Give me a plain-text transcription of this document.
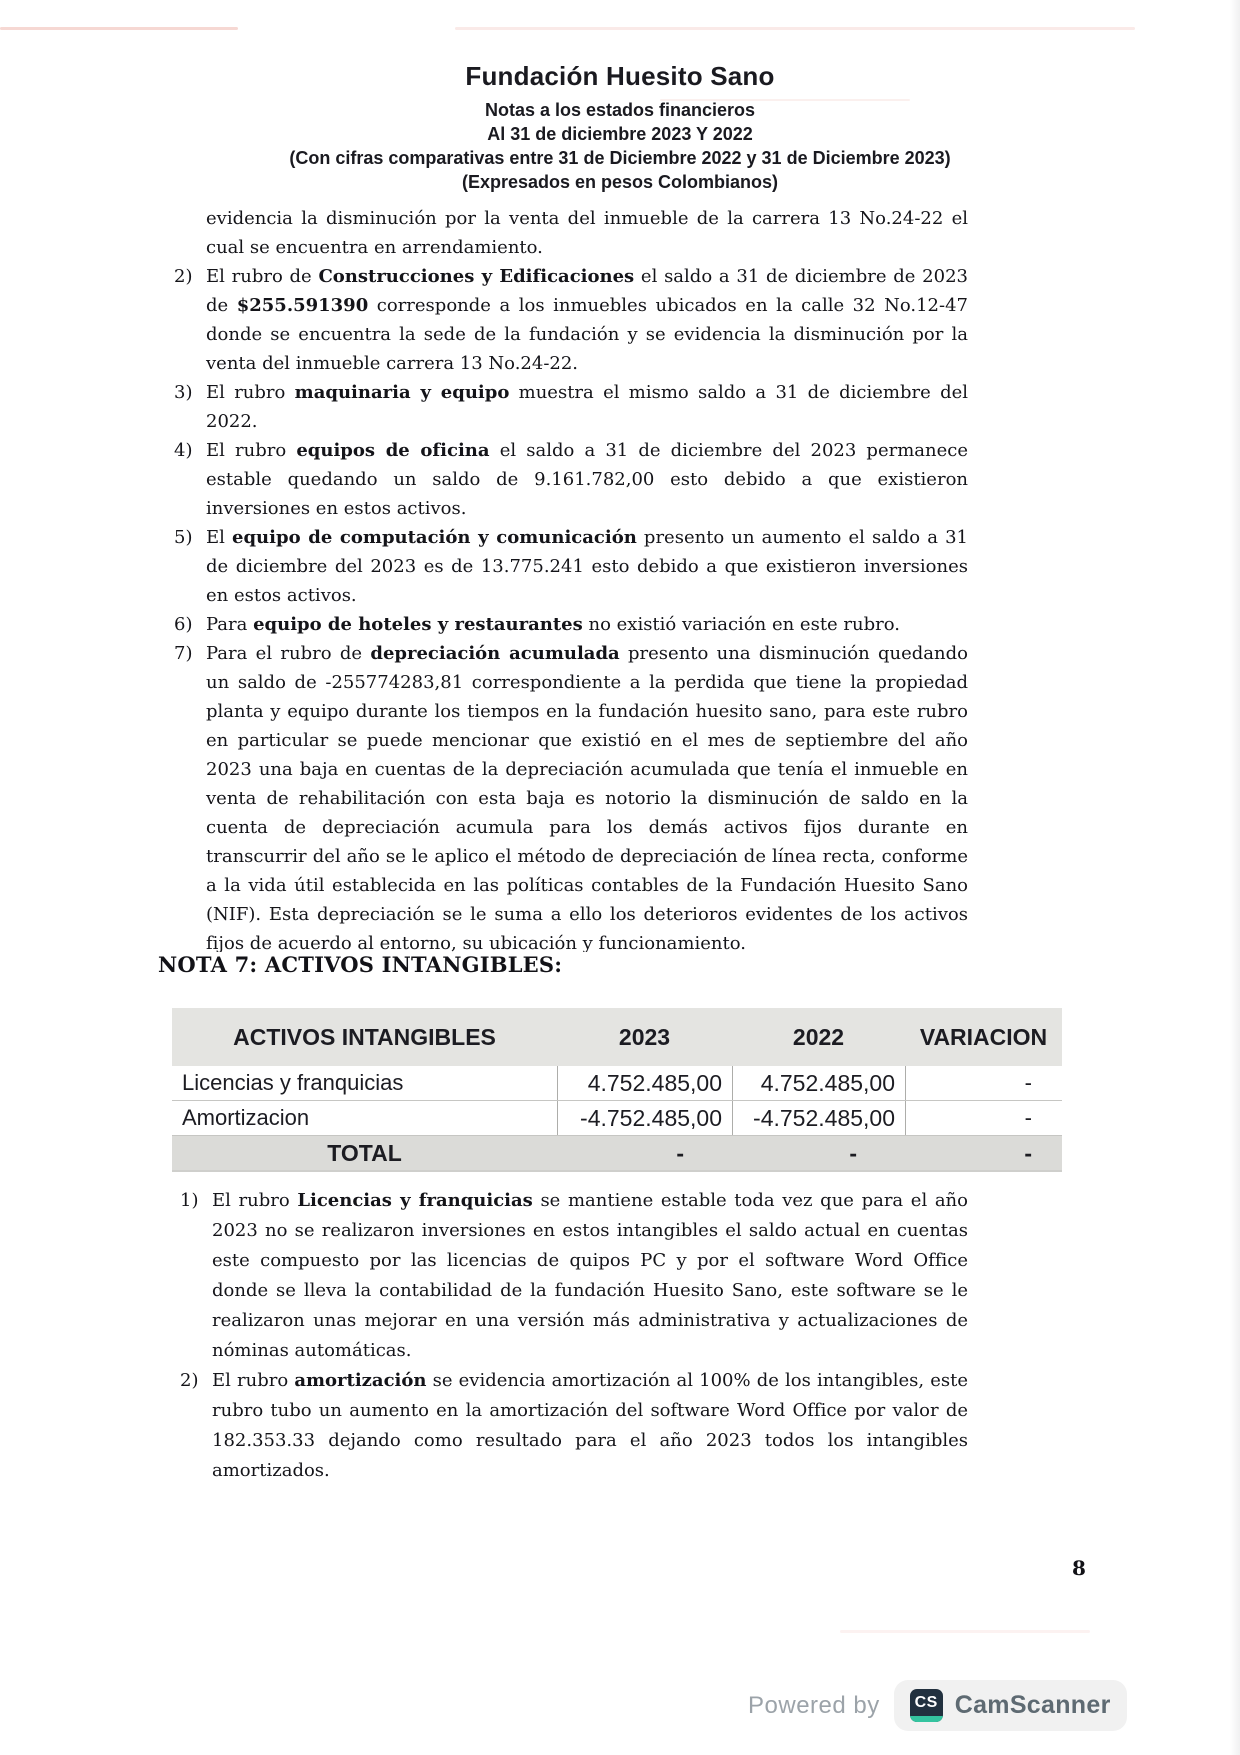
Fundación Huesito Sano
Notas a los estados financieros
Al 31 de diciembre 2023 Y 2022
(Con cifras comparativas entre 31 de Diciembre 2022 y 31 de Diciembre 2023)
(Expresados en pesos Colombianos)

evidencia la disminución por la venta del inmueble de la carrera 13 No.24-22 el cual se encuentra en arrendamiento.

2) El rubro de Construcciones y Edificaciones el saldo a 31 de diciembre de 2023 de $255.591390 corresponde a los inmuebles ubicados en la calle 32 No.12-47 donde se encuentra la sede de la fundación y se evidencia la disminución por la venta del inmueble carrera 13 No.24-22.
3) El rubro maquinaria y equipo muestra el mismo saldo a 31 de diciembre del 2022.
4) El rubro equipos de oficina el saldo a 31 de diciembre del 2023 permanece estable quedando un saldo de 9.161.782,00 esto debido a que existieron inversiones en estos activos.
5) El equipo de computación y comunicación presento un aumento el saldo a 31 de diciembre del 2023 es de 13.775.241 esto debido a que existieron inversiones en estos activos.
6) Para equipo de hoteles y restaurantes no existió variación en este rubro.
7) Para el rubro de depreciación acumulada presento una disminución quedando un saldo de -255774283,81 correspondiente a la perdida que tiene la propiedad planta y equipo durante los tiempos en la fundación huesito sano, para este rubro en particular se puede mencionar que existió en el mes de septiembre del año 2023 una baja en cuentas de la depreciación acumulada que tenía el inmueble en venta de rehabilitación con esta baja es notorio la disminución de saldo en la cuenta de depreciación acumula para los demás activos fijos durante en transcurrir del año se le aplico el método de depreciación de línea recta, conforme a la vida útil establecida en las políticas contables de la Fundación Huesito Sano (NIF). Esta depreciación se le suma a ello los deterioros evidentes de los activos fijos de acuerdo al entorno, su ubicación y funcionamiento.
NOTA 7: ACTIVOS INTANGIBLES:
ACTIVOS INTANGIBLES	2023	2022	VARIACION
Licencias y franquicias	4.752.485,00	4.752.485,00	-
Amortizacion	-4.752.485,00	-4.752.485,00	-
TOTAL	-	-	-
1) El rubro Licencias y franquicias se mantiene estable toda vez que para el año 2023 no se realizaron inversiones en estos intangibles el saldo actual en cuentas este compuesto por las licencias de quipos PC y por el software Word Office donde se lleva la contabilidad de la fundación Huesito Sano, este software se le realizaron unas mejorar en una versión más administrativa y actualizaciones de nóminas automáticas.
2) El rubro amortización se evidencia amortización al 100% de los intangibles, este rubro tubo un aumento en la amortización del software Word Office por valor de 182.353.33 dejando como resultado para el año 2023 todos los intangibles amortizados.
8
Powered by CS CamScanner
